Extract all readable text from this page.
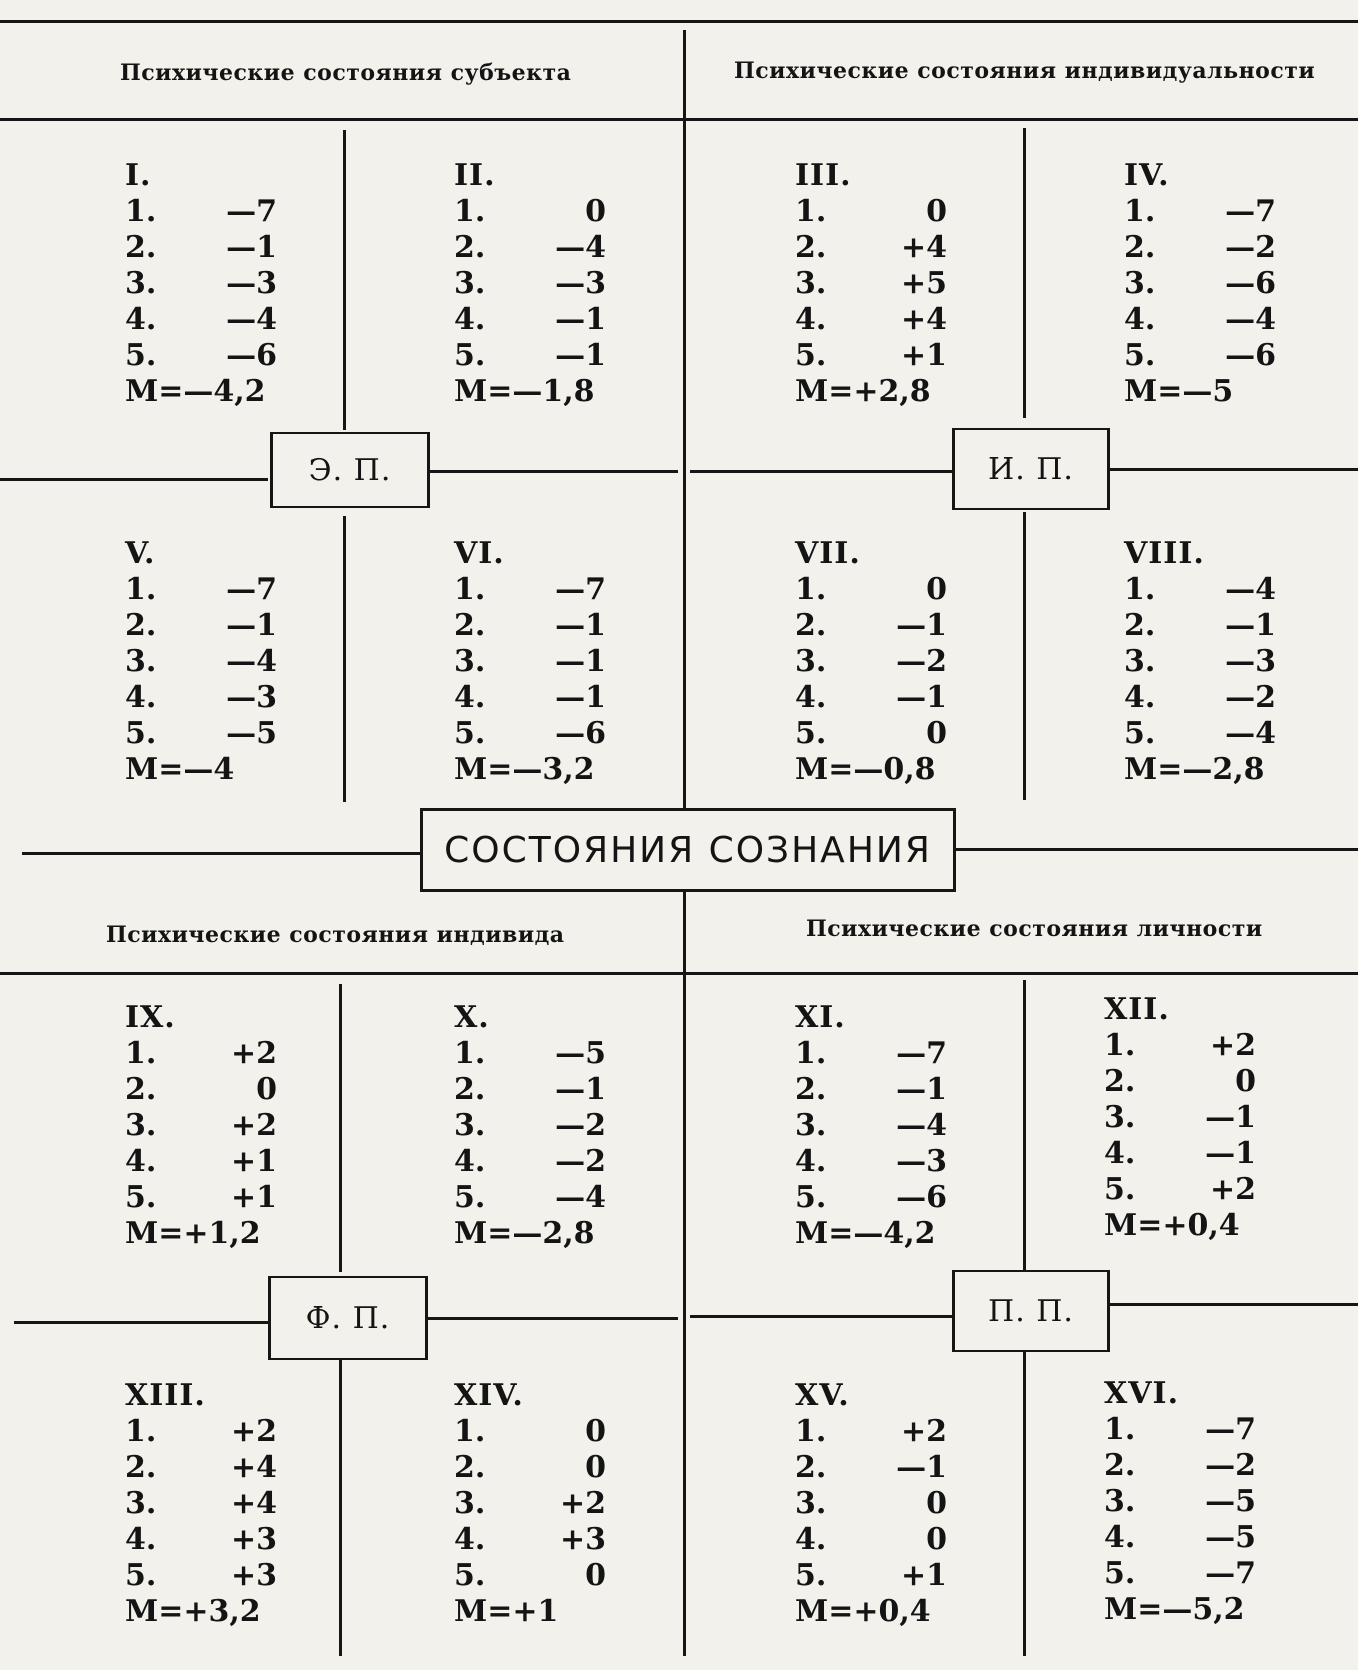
Психические состояния субъекта	Психические состояния индивидуальности
Психические состояния индивида	Психические состояния личности
Э. П.	И. П.
Ф. П.	П. П.
СОСТОЯНИЯ СОЗНАНИЯ
I.
1.	—7
2.	—1
3.	—3
4.	—4
5.	—6
M=—4,2
II.
1.	0
2.	—4
3.	—3
4.	—1
5.	—1
M=—1,8
III.
1.	0
2.	+4
3.	+5
4.	+4
5.	+1
M=+2,8
IV.
1.	—7
2.	—2
3.	—6
4.	—4
5.	—6
M=—5
V.
1.	—7
2.	—1
3.	—4
4.	—3
5.	—5
M=—4
VI.
1.	—7
2.	—1
3.	—1
4.	—1
5.	—6
M=—3,2
VII.
1.	0
2.	—1
3.	—2
4.	—1
5.	0
M=—0,8
VIII.
1.	—4
2.	—1
3.	—3
4.	—2
5.	—4
M=—2,8
IX.
1.	+2
2.	0
3.	+2
4.	+1
5.	+1
M=+1,2
X.
1.	—5
2.	—1
3.	—2
4.	—2
5.	—4
M=—2,8
XI.
1.	—7
2.	—1
3.	—4
4.	—3
5.	—6
M=—4,2
XII.
1.	+2
2.	0
3.	—1
4.	—1
5.	+2
M=+0,4
XIII.
1.	+2
2.	+4
3.	+4
4.	+3
5.	+3
M=+3,2
XIV.
1.	0
2.	0
3.	+2
4.	+3
5.	0
M=+1
XV.
1.	+2
2.	—1
3.	0
4.	0
5.	+1
M=+0,4
XVI.
1.	—7
2.	—2
3.	—5
4.	—5
5.	—7
M=—5,2
